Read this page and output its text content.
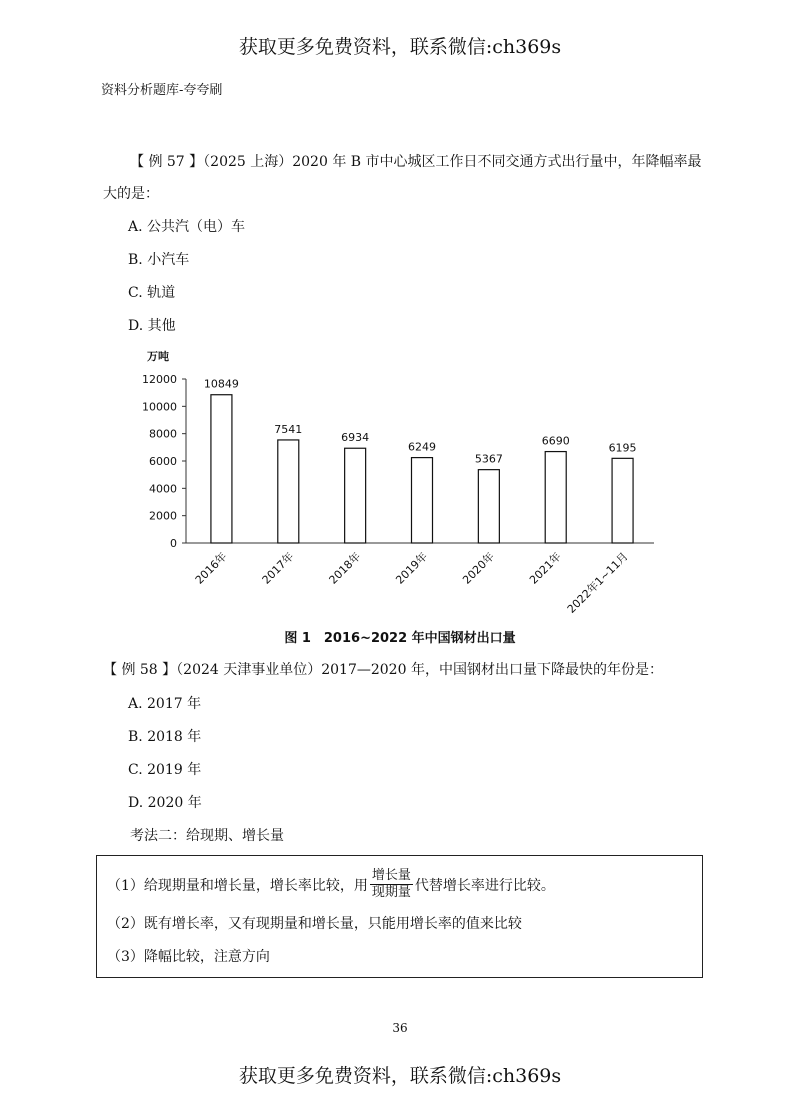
获取更多免费资料，联系微信:ch369s
资料分析题库-夸夸刷
【 例 57 】（2025 上海）2020 年 B 市中心城区工作日不同交通方式出行量中，年降幅率最
大的是：
A. 公共汽（电）车
B. 小汽车
C. 轨道
D. 其他
万吨
0
2000
4000
6000
8000
10000
12000 10849
2016年
7541
2017年
6934
2018年
6249
2019年
5367
2020年
6690
2021年
6195
2022年1~11月
图 1　2016~2022 年中国钢材出口量
【 例 58 】（2024 天津事业单位）2017—2020 年，中国钢材出口量下降最快的年份是：
A. 2017 年
B. 2018 年
C. 2019 年
D. 2020 年
考法二：给现期、增长量
（1）给现期量和增长量，增长率比较，用 $\frac{\text{增长量}}{\text{现期量}}$ 代替增长率进行比较。
（2）既有增长率，又有现期量和增长量，只能用增长率的值来比较
（3）降幅比较，注意方向
36
获取更多免费资料，联系微信:ch369s
